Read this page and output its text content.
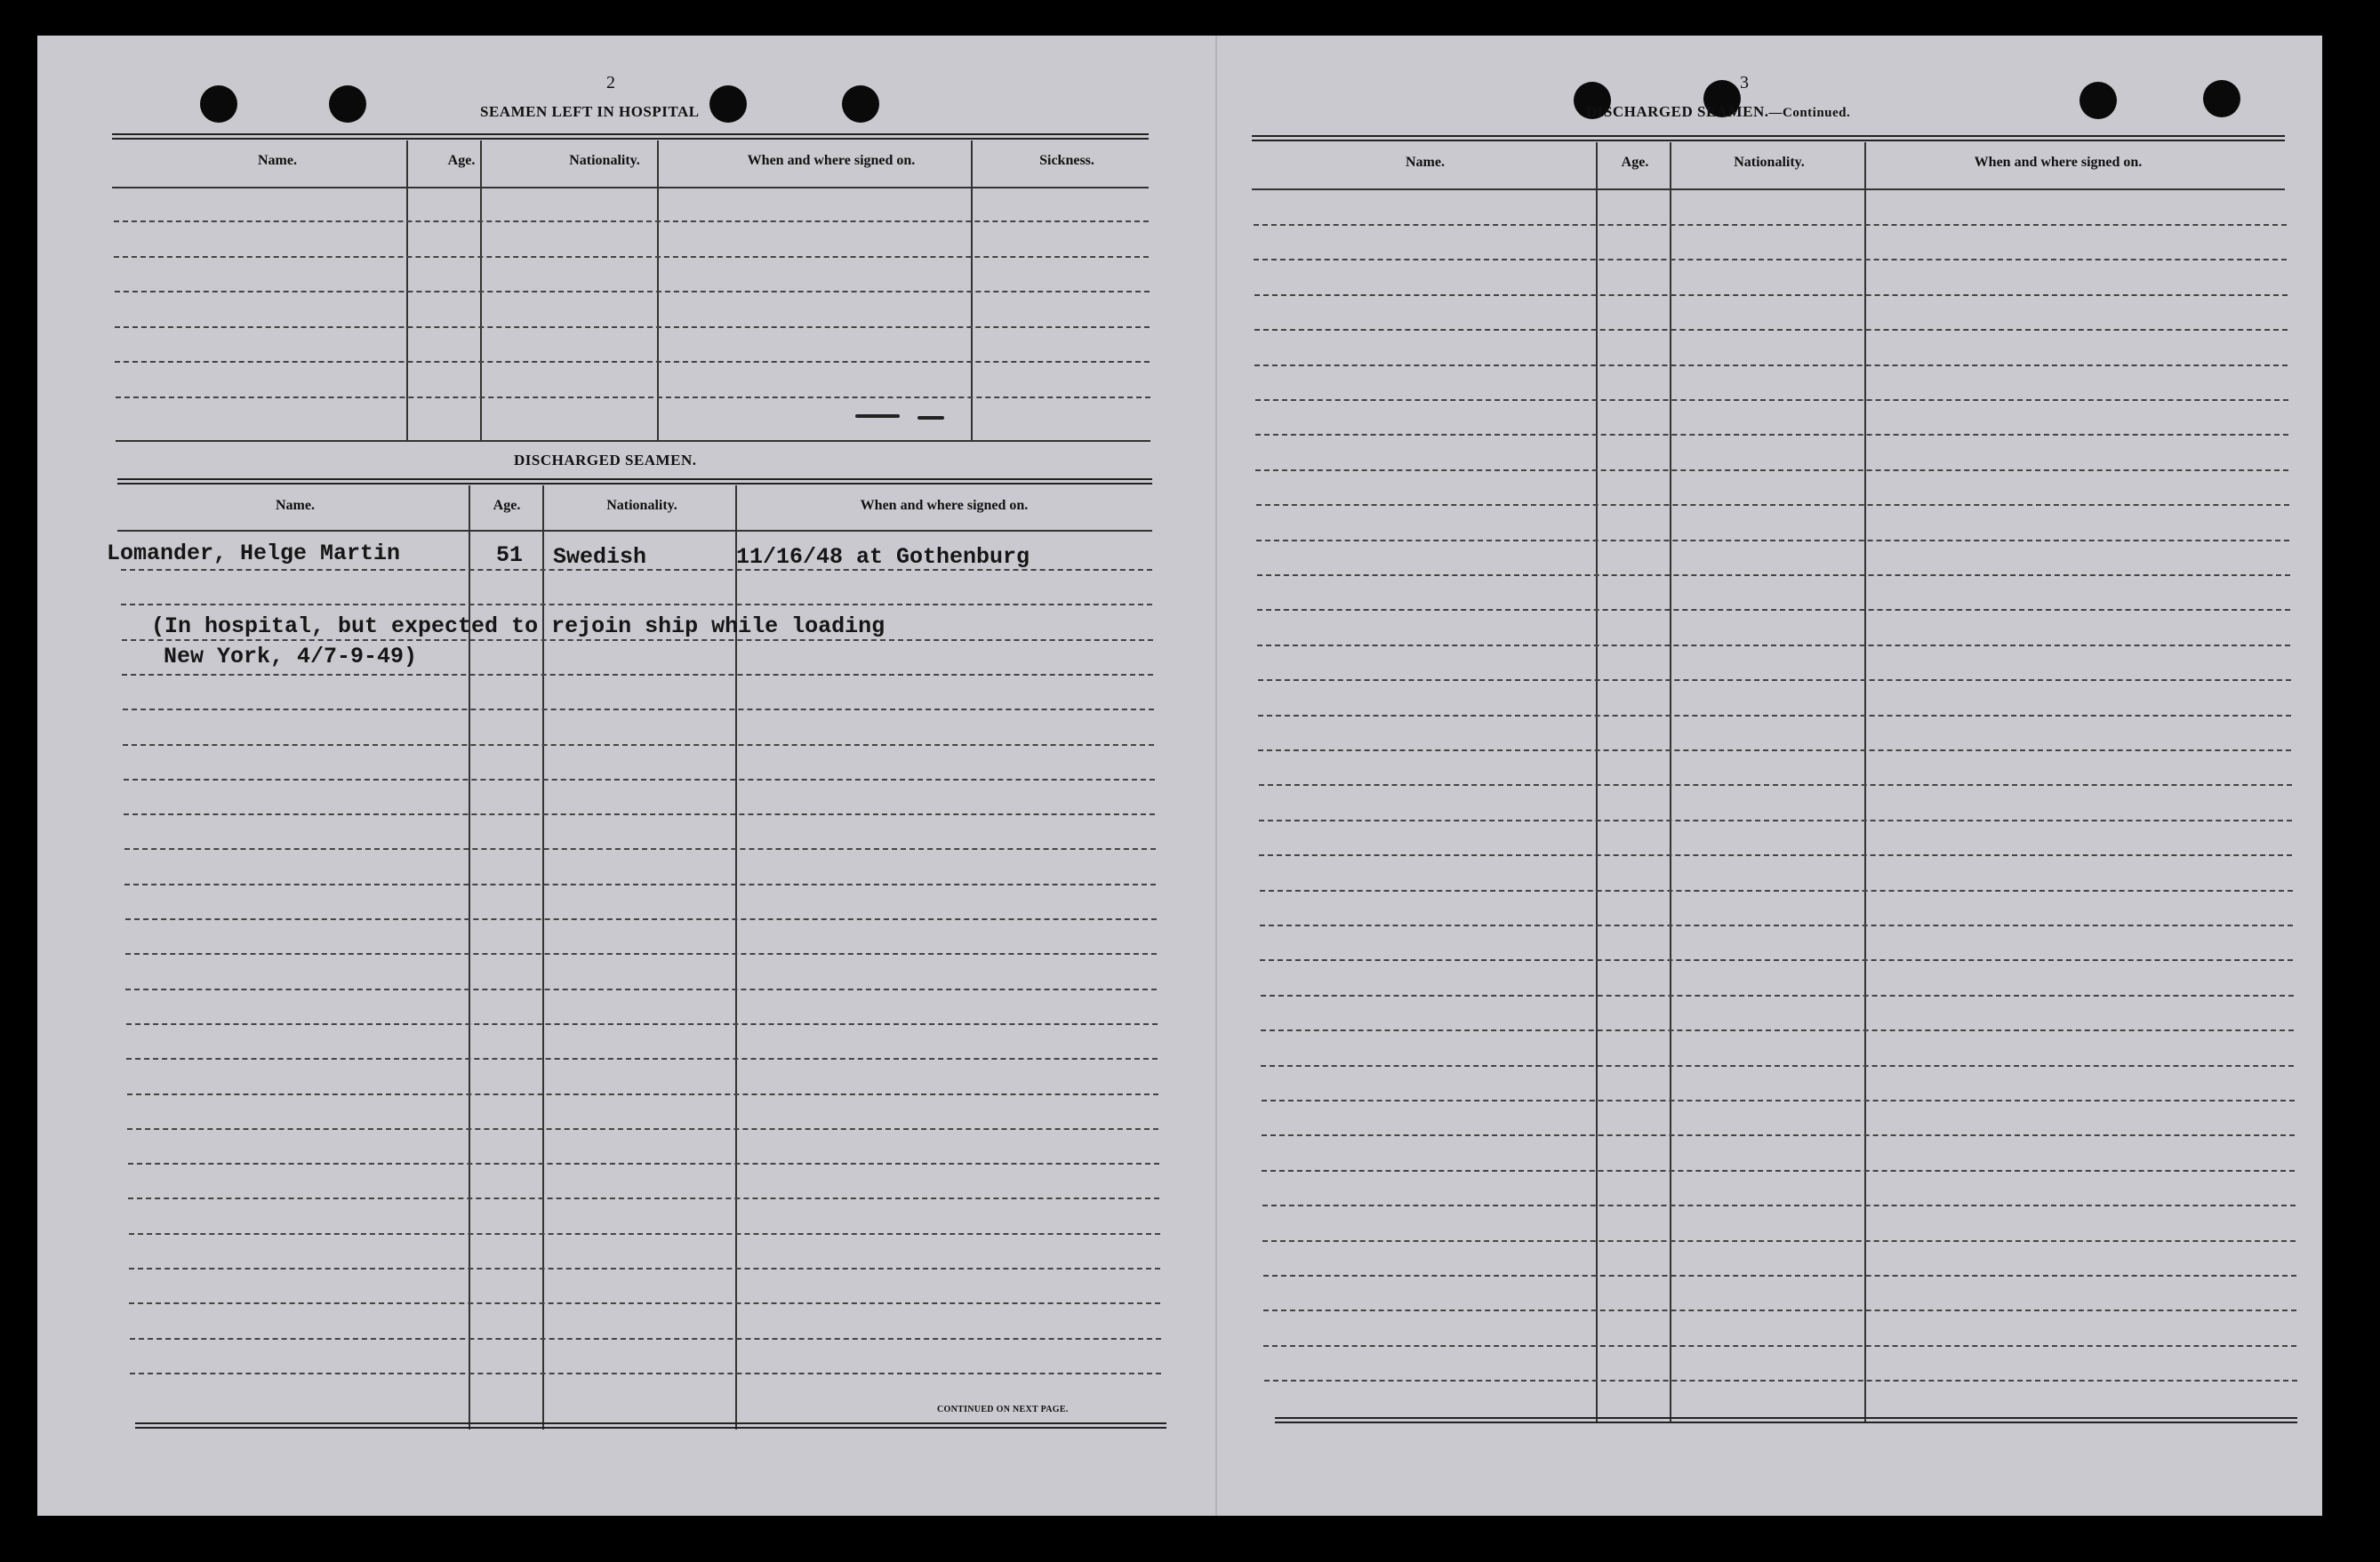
2
SEAMEN LEFT IN HOSPITAL
Name.	Age.	Nationality.	When and where signed on.	Sickness.
DISCHARGED SEAMEN.
Name.	Age.	Nationality.	When and where signed on.
Lomander, Helge Martin	51 Swedish	11/16/48 at Gothenburg
(In hospital, but expected to rejoin ship while loading
New York, 4/7-9-49)
CONTINUED ON NEXT PAGE.
3
DISCHARGED SEAMEN.—Continued.
Name.	Age.	Nationality.	When and where signed on.
